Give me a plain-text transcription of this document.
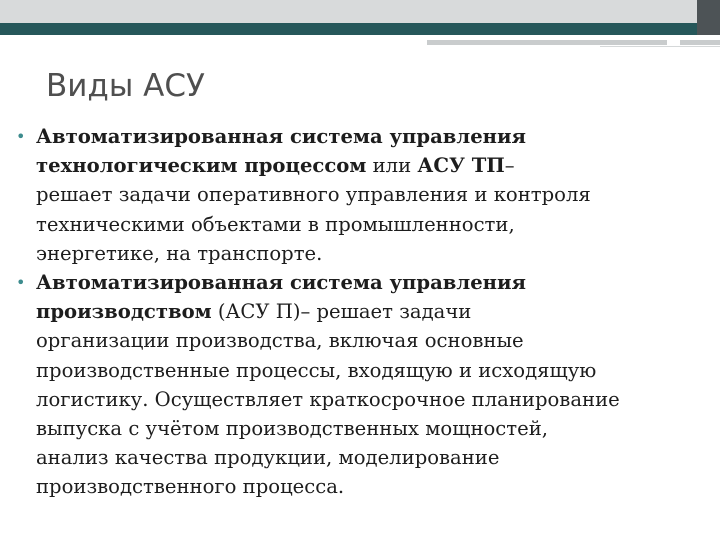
Виды АСУ
• Автоматизированная система управления
технологическим процессом или АСУ ТП–
решает задачи оперативного управления и контроля
техническими объектами в промышленности,
энергетике, на транспорте.
• Автоматизированная система управления
производством (АСУ П)– решает задачи
организации производства, включая основные
производственные процессы, входящую и исходящую
логистику. Осуществляет краткосрочное планирование
выпуска с учётом производственных мощностей,
анализ качества продукции, моделирование
производственного процесса.
